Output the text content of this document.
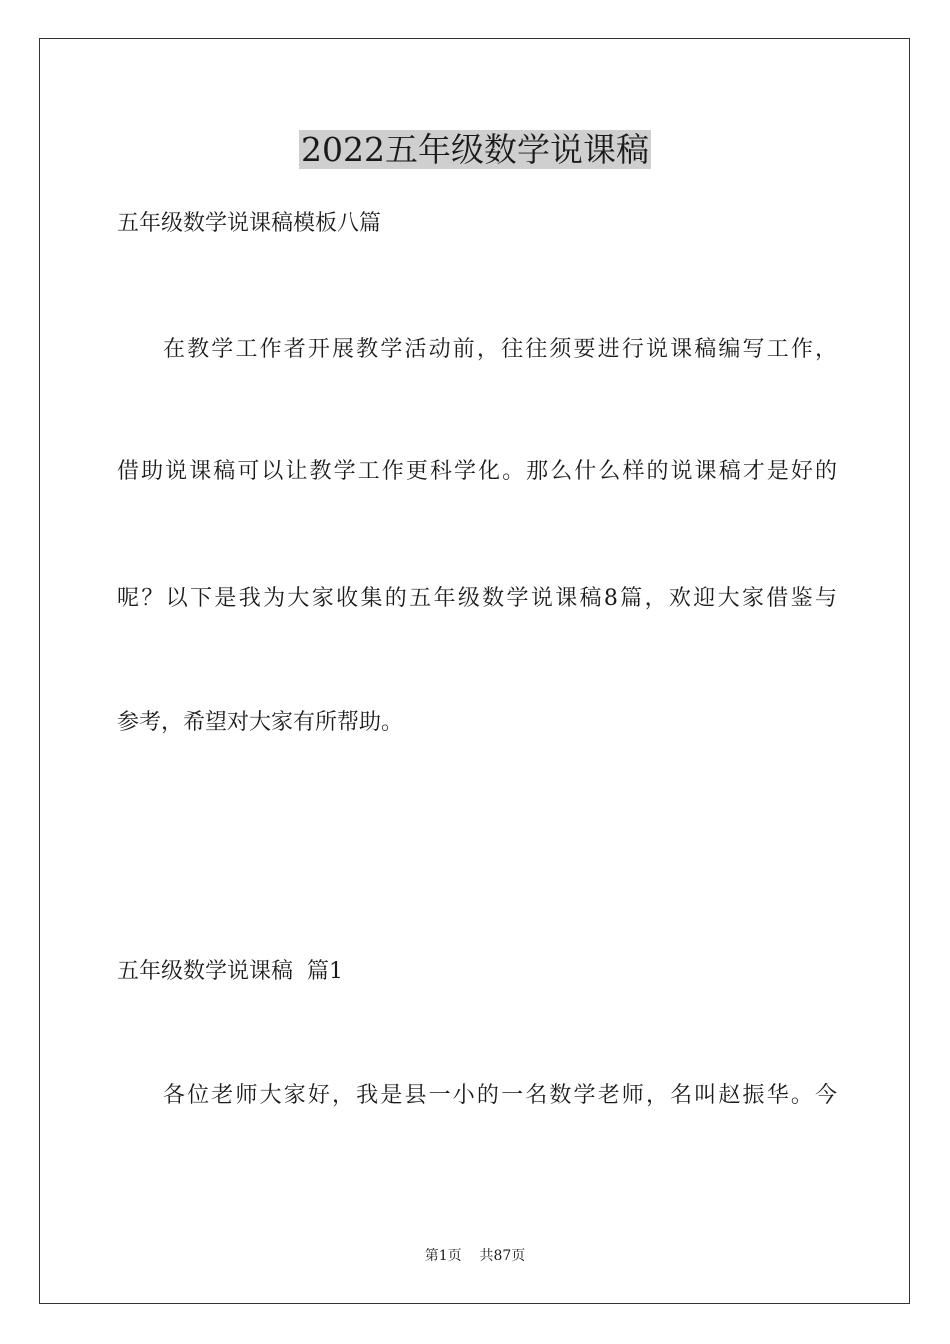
2022五年级数学说课稿

五年级数学说课稿模板八篇

在教学工作者开展教学活动前，往往须要进行说课稿编写工作，

借助说课稿可以让教学工作更科学化。那么什么样的说课稿才是好的

呢？以下是我为大家收集的五年级数学说课稿8篇，欢迎大家借鉴与

参考，希望对大家有所帮助。

五年级数学说课稿  篇1

各位老师大家好，我是县一小的一名数学老师，名叫赵振华。今

第1页 共87页
